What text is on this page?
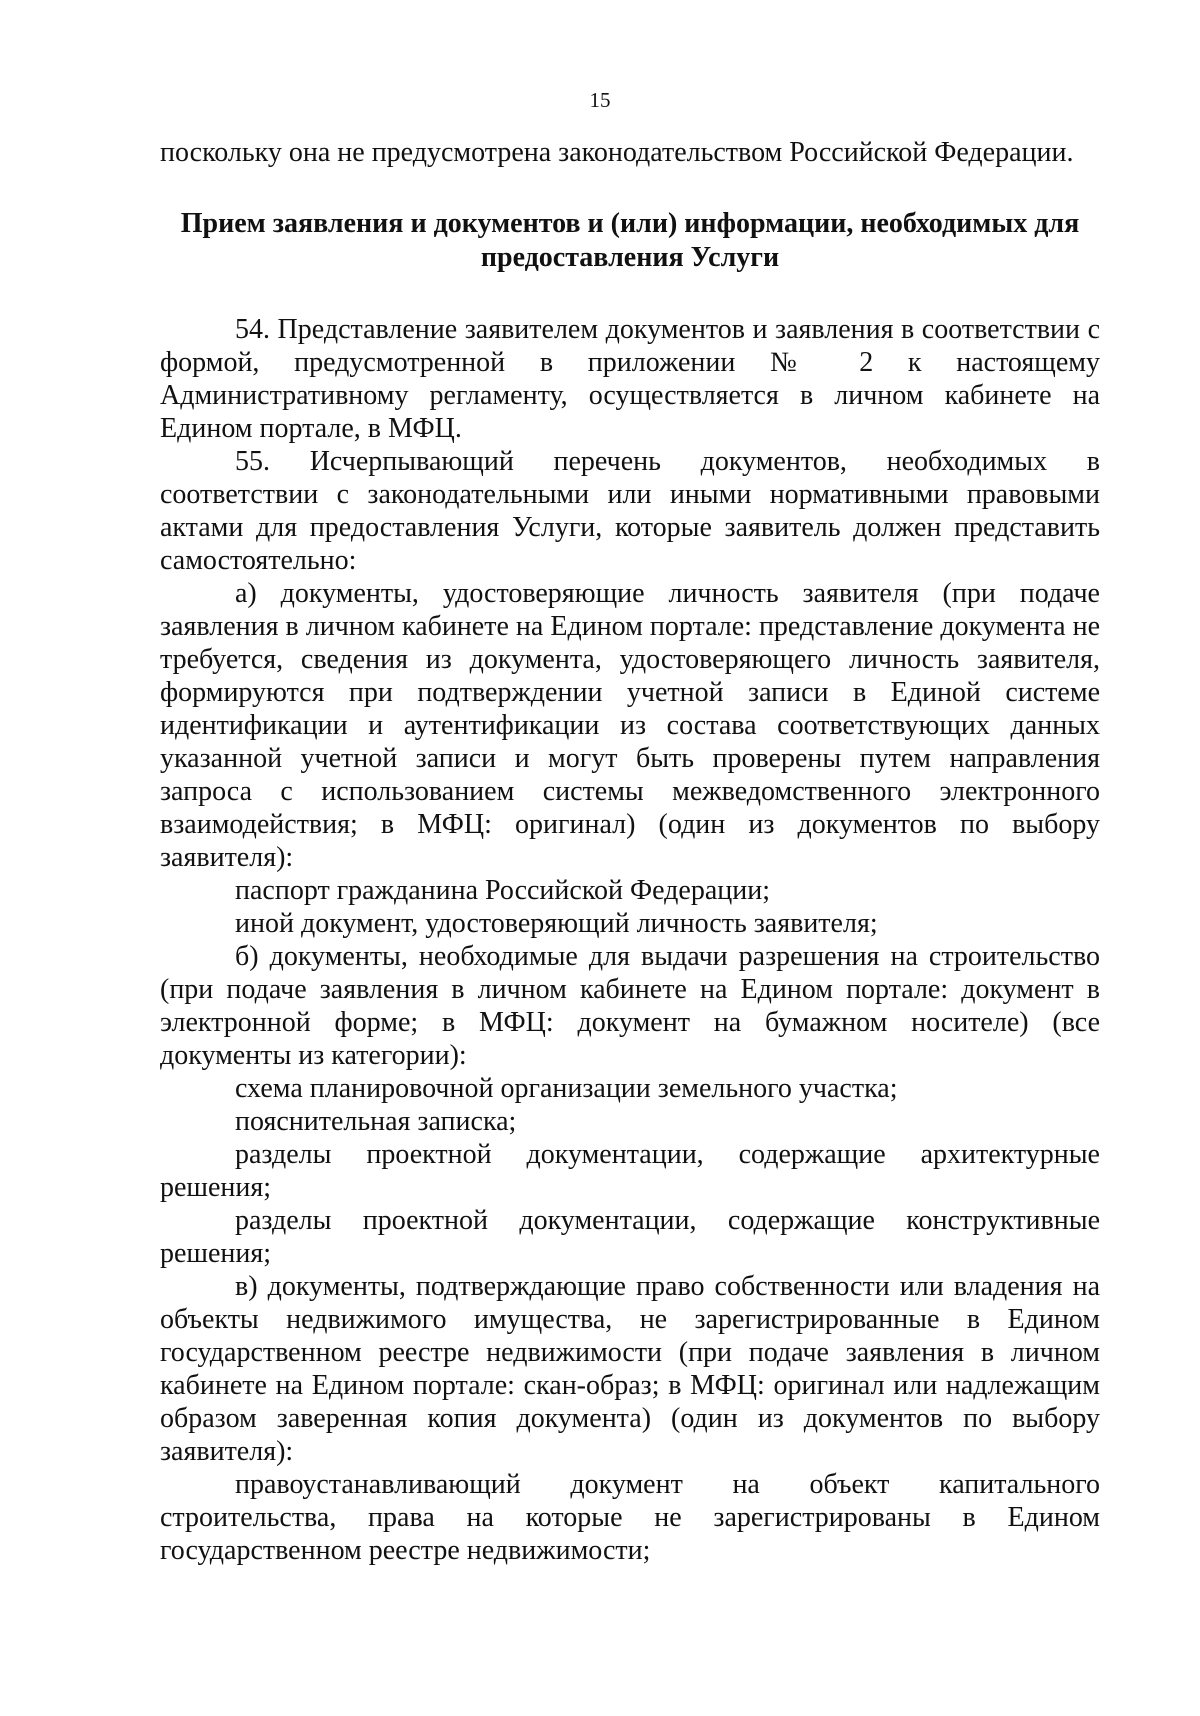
15

поскольку она не предусмотрена законодательством Российской Федерации.

Прием заявления и документов и (или) информации, необходимых для
предоставления Услуги

54. Представление заявителем документов и заявления в соответствии с формой, предусмотренной в приложении № 2 к настоящему Административному регламенту, осуществляется в личном кабинете на Едином портале, в МФЦ.

55. Исчерпывающий перечень документов, необходимых в соответствии с законодательными или иными нормативными правовыми актами для предоставления Услуги, которые заявитель должен представить самостоятельно:

а) документы, удостоверяющие личность заявителя (при подаче заявления в личном кабинете на Едином портале: представление документа не требуется, сведения из документа, удостоверяющего личность заявителя, формируются при подтверждении учетной записи в Единой системе идентификации и аутентификации из состава соответствующих данных указанной учетной записи и могут быть проверены путем направления запроса с использованием системы межведомственного электронного взаимодействия; в МФЦ: оригинал) (один из документов по выбору заявителя):

паспорт гражданина Российской Федерации;

иной документ, удостоверяющий личность заявителя;

б) документы, необходимые для выдачи разрешения на строительство (при подаче заявления в личном кабинете на Едином портале: документ в электронной форме; в МФЦ: документ на бумажном носителе) (все документы из категории):

схема планировочной организации земельного участка;

пояснительная записка;

разделы проектной документации, содержащие архитектурные решения;

разделы проектной документации, содержащие конструктивные решения;

в) документы, подтверждающие право собственности или владения на объекты недвижимого имущества, не зарегистрированные в Едином государственном реестре недвижимости (при подаче заявления в личном кабинете на Едином портале: скан-образ; в МФЦ: оригинал или надлежащим образом заверенная копия документа) (один из документов по выбору заявителя):

правоустанавливающий документ на объект капитального строительства, права на которые не зарегистрированы в Едином государственном реестре недвижимости;
